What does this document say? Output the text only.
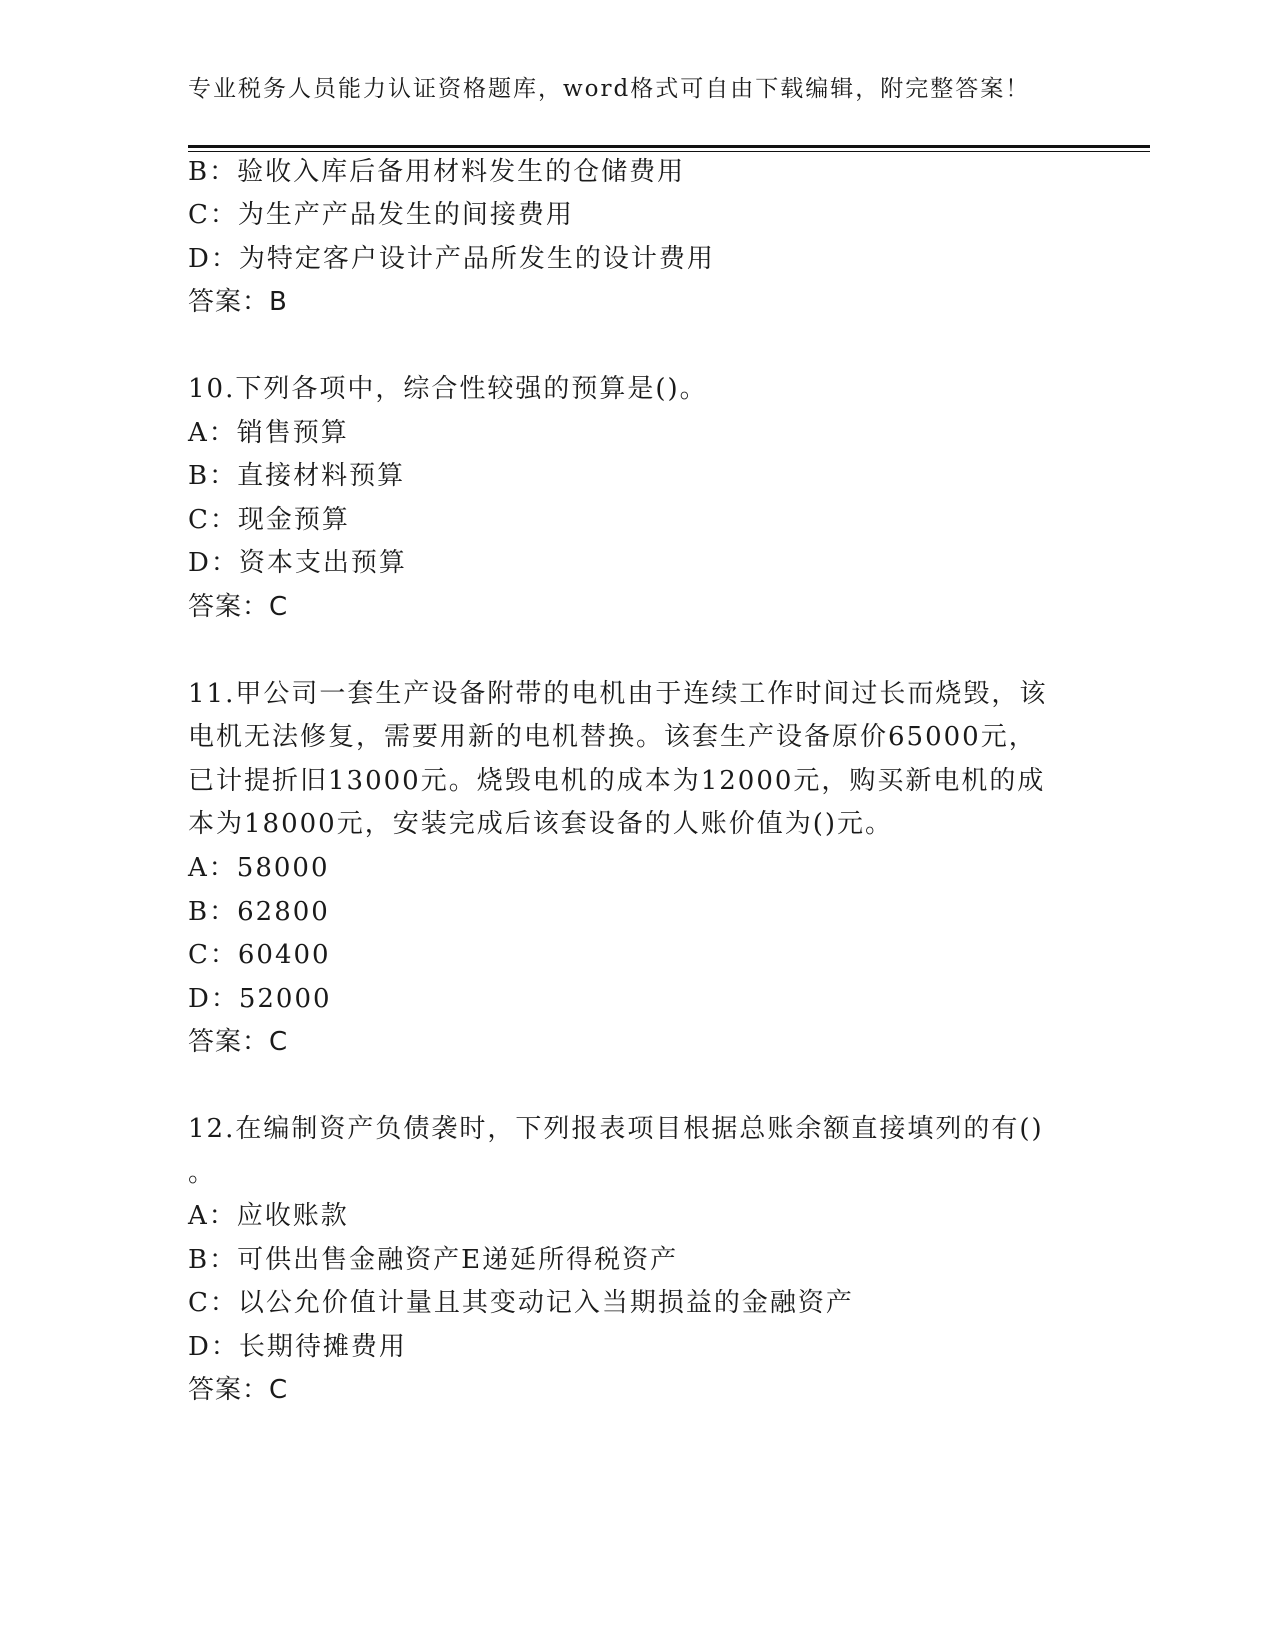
专业税务人员能力认证资格题库，word格式可自由下载编辑，附完整答案！
B：验收入库后备用材料发生的仓储费用
C：为生产产品发生的间接费用
D：为特定客户设计产品所发生的设计费用
答案：B
10.下列各项中，综合性较强的预算是()。
A：销售预算
B：直接材料预算
C：现金预算
D：资本支出预算
答案：C
11.甲公司一套生产设备附带的电机由于连续工作时间过长而烧毁，该
电机无法修复，需要用新的电机替换。该套生产设备原价65000元，
已计提折旧13000元。烧毁电机的成本为12000元，购买新电机的成
本为18000元，安装完成后该套设备的人账价值为()元。
A：58000
B：62800
C：60400
D：52000
答案：C
12.在编制资产负债袭时，下列报表项目根据总账余额直接填列的有()
。
A：应收账款
B：可供出售金融资产E递延所得税资产
C：以公允价值计量且其变动记入当期损益的金融资产
D：长期待摊费用
答案：C
